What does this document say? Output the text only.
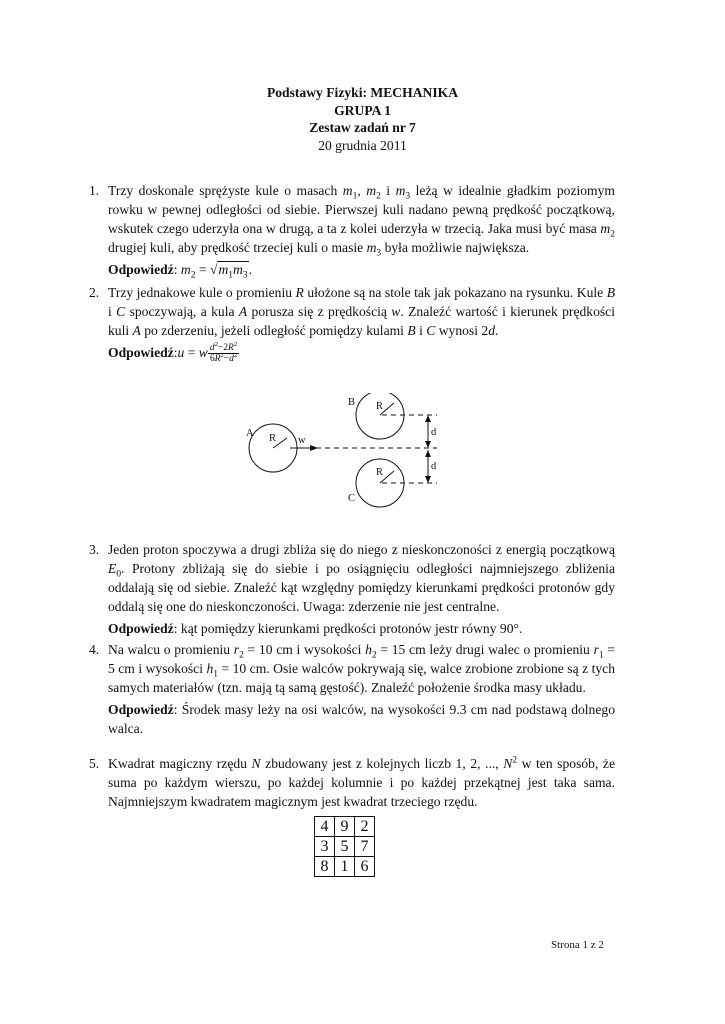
Podstawy Fizyki: MECHANIKA
GRUPA 1
Zestaw zadań nr 7
20 grudnia 2011
1. Trzy doskonale sprężyste kule o masach $m_1$, $m_2$ i $m_3$ leżą w idealnie gładkim poziomym rowku w pewnej odległości od siebie. Pierwszej kuli nadano pewną prędkość początkową, wskutek czego uderzyła ona w drugą, a ta z kolei uderzyła w trzecią. Jaka musi być masa $m_2$ drugiej kuli, aby prędkość trzeciej kuli o masie $m_3$ była możliwie największa.

Odpowiedź: $m_2 = √m_1m_3$.

2. Trzy jednakowe kule o promieniu R ułożone są na stole tak jak pokazano na rysunku. Kule B i C spoczywają, a kula A porusza się z prędkością w. Znaleźć wartość i kierunek prędkości kuli A po zderzeniu, jeżeli odległość pomiędzy kulami B i C wynosi 2d.

Odpowiedź:u = w $\frac{d^2-2R^2}{6R^2-d^2}$

A
B
C
R
R
R
w
d
d
3. Jeden proton spoczywa a drugi zbliża się do niego z nieskonczoności z energią początkową $E_0$. Protony zbliżają się do siebie i po osiągnięciu odległości najmniejszego zbliżenia oddalają się od siebie. Znaleźć kąt względny pomiędzy kierunkami prędkości protonów gdy oddalą się one do nieskonczoności. Uwaga: zderzenie nie jest centralne.

Odpowiedź: kąt pomiędzy kierunkami prędkości protonów jestr równy 90°.

4. Na walcu o promieniu $r_2 = 10$ cm i wysokości $h_2 = 15$ cm leży drugi walec o promieniu $r_1 = 5$ cm i wysokości $h_1 = 10$ cm. Osie walców pokrywają się, walce zrobione zrobione są z tych samych materiałów (tzn. mają tą samą gęstość). Znaleźć położenie środka masy układu.

Odpowiedź: Środek masy leży na osi walców, na wysokości 9.3 cm nad podstawą dolnego walca.

5. Kwadrat magiczny rzędu N zbudowany jest z kolejnych liczb 1, 2, ..., $N^2$ w ten sposób, że suma po każdym wierszu, po każdej kolumnie i po każdej przekątnej jest taka sama. Najmniejszym kwadratem magicznym jest kwadrat trzeciego rzędu.

4	9	2
3	5	7
8	1	6
Strona 1 z 2
